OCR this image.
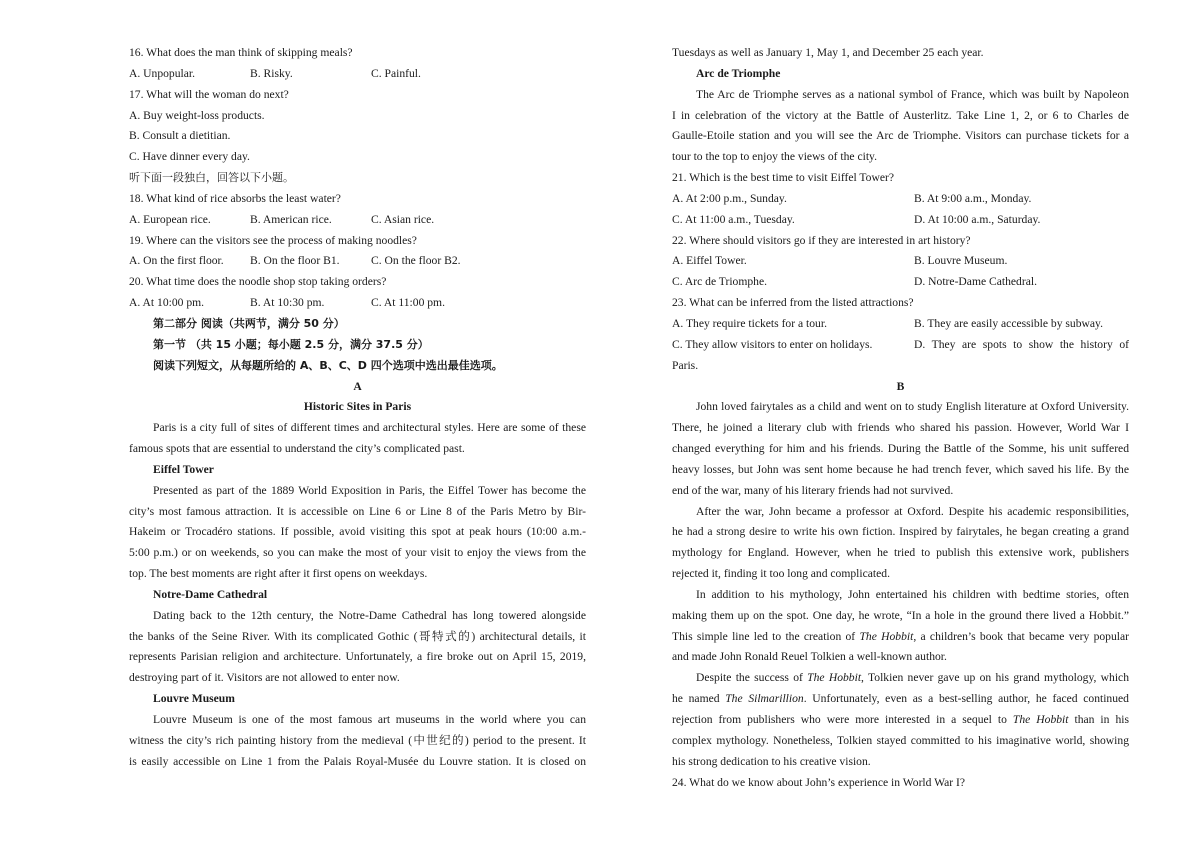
16. What does the man think of skipping meals?
A. Unpopular.	B. Risky.	C. Painful.
17. What will the woman do next?
A. Buy weight-loss products.
B. Consult a dietitian.
C. Have dinner every day.
听下面一段独白，回答以下小题。
18. What kind of rice absorbs the least water?
A. European rice.	B. American rice.	C. Asian rice.
19. Where can the visitors see the process of making noodles?
A. On the first floor.	B. On the floor B1.	C. On the floor B2.
20. What time does the noodle shop stop taking orders?
A. At 10:00 pm.	B. At 10:30 pm.	C. At 11:00 pm.
第二部分 阅读（共两节，满分 50 分）
第一节 （共 15 小题；每小题 2.5 分，满分 37.5 分）
阅读下列短文，从每题所给的 A、B、C、D 四个选项中选出最佳选项。
A
Historic Sites in Paris
Paris is a city full of sites of different times and architectural styles. Here are some of these
famous spots that are essential to understand the city’s complicated past.
Eiffel Tower
Presented as part of the 1889 World Exposition in Paris, the Eiffel Tower has become the
city’s most famous attraction. It is accessible on Line 6 or Line 8 of the Paris Metro by Bir-
Hakeim or Trocadéro stations. If possible, avoid visiting this spot at peak hours (10:00 a.m.-
5:00 p.m.) or on weekends, so you can make the most of your visit to enjoy the views from the
top. The best moments are right after it first opens on weekdays.
Notre-Dame Cathedral
Dating back to the 12th century, the Notre-Dame Cathedral has long towered alongside
the banks of the Seine River. With its complicated Gothic (哥特式的) architectural details, it
represents Parisian religion and architecture. Unfortunately, a fire broke out on April 15, 2019,
destroying part of it. Visitors are not allowed to enter now.
Louvre Museum
Louvre Museum is one of the most famous art museums in the world where you can
witness the city’s rich painting history from the medieval (中世纪的) period to the present. It
is easily accessible on Line 1 from the Palais Royal-Musée du Louvre station. It is closed on
Tuesdays as well as January 1, May 1, and December 25 each year.
Arc de Triomphe
The Arc de Triomphe serves as a national symbol of France, which was built by Napoleon
I in celebration of the victory at the Battle of Austerlitz. Take Line 1, 2, or 6 to Charles de
Gaulle-Etoile station and you will see the Arc de Triomphe. Visitors can purchase tickets for a
tour to the top to enjoy the views of the city.
21. Which is the best time to visit Eiffel Tower?
A. At 2:00 p.m., Sunday.	B. At 9:00 a.m., Monday.
C. At 11:00 a.m., Tuesday.	D. At 10:00 a.m., Saturday.
22. Where should visitors go if they are interested in art history?
A. Eiffel Tower.	B. Louvre Museum.
C. Arc de Triomphe.	D. Notre-Dame Cathedral.
23. What can be inferred from the listed attractions?
A. They require tickets for a tour.	B. They are easily accessible by subway.
C. They allow visitors to enter on holidays.	D. They are spots to show the history of
Paris.
B
John loved fairytales as a child and went on to study English literature at Oxford University.
There, he joined a literary club with friends who shared his passion. However, World War I
changed everything for him and his friends. During the Battle of the Somme, his unit suffered
heavy losses, but John was sent home because he had trench fever, which saved his life. By the
end of the war, many of his literary friends had not survived.
After the war, John became a professor at Oxford. Despite his academic responsibilities,
he had a strong desire to write his own fiction. Inspired by fairytales, he began creating a grand
mythology for England. However, when he tried to publish this extensive work, publishers
rejected it, finding it too long and complicated.
In addition to his mythology, John entertained his children with bedtime stories, often
making them up on the spot. One day, he wrote, “In a hole in the ground there lived a Hobbit.”
This simple line led to the creation of The Hobbit, a children’s book that became very popular
and made John Ronald Reuel Tolkien a well-known author.
Despite the success of The Hobbit, Tolkien never gave up on his grand mythology, which
he named The Silmarillion. Unfortunately, even as a best-selling author, he faced continued
rejection from publishers who were more interested in a sequel to The Hobbit than in his
complex mythology. Nonetheless, Tolkien stayed committed to his imaginative world, showing
his strong dedication to his creative vision.
24. What do we know about John’s experience in World War I?
